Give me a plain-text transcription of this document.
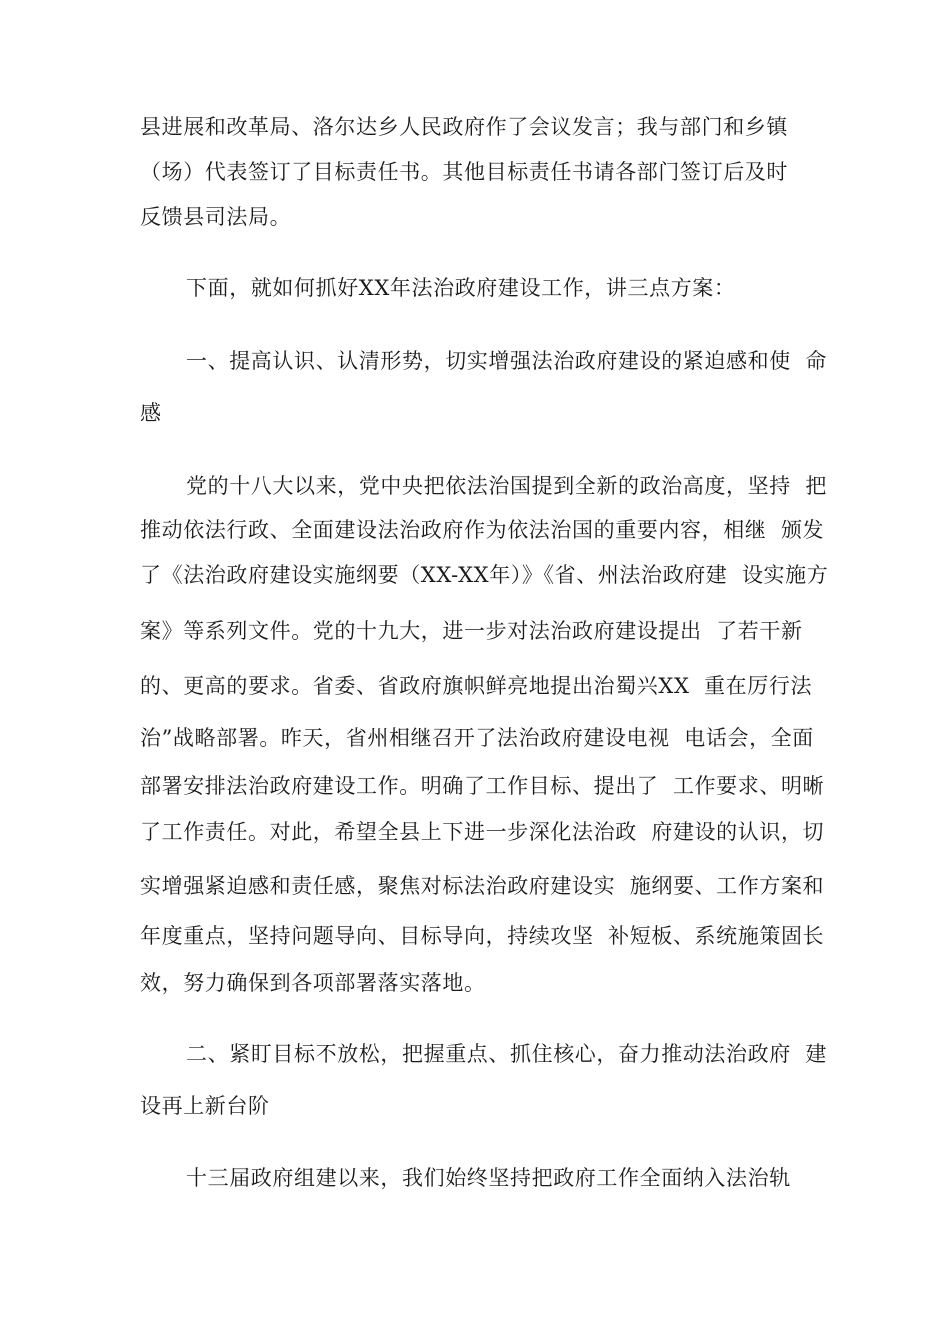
县进展和改革局、洛尔达乡人民政府作了会议发言；我与部门和乡镇
（场）代表签订了目标责任书。其他目标责任书请各部门签订后及时
反馈县司法局。
下面，就如何抓好XX年法治政府建设工作，讲三点方案：
一、提高认识、认清形势，切实增强法治政府建设的紧迫感和使  命
感
党的十八大以来，党中央把依法治国提到全新的政治高度，坚持  把
推动依法行政、全面建设法治政府作为依法治国的重要内容，相继  颁发
了《法治政府建设实施纲要（XX-XX年）》《省、州法治政府建  设实施方
案》等系列文件。党的十九大，进一步对法治政府建设提出  了若干新
的、更高的要求。省委、省政府旗帜鲜亮地提出治蜀兴XX  重在厉行法
治”战略部署。昨天，省州相继召开了法治政府建设电视  电话会，全面
部署安排法治政府建设工作。明确了工作目标、提出了  工作要求、明晰
了工作责任。对此，希望全县上下进一步深化法治政  府建设的认识，切
实增强紧迫感和责任感，聚焦对标法治政府建设实  施纲要、工作方案和
年度重点，坚持问题导向、目标导向，持续攻坚  补短板、系统施策固长
效，努力确保到各项部署落实落地。
二、紧盯目标不放松，把握重点、抓住核心，奋力推动法治政府  建
设再上新台阶
十三届政府组建以来，我们始终坚持把政府工作全面纳入法治轨
